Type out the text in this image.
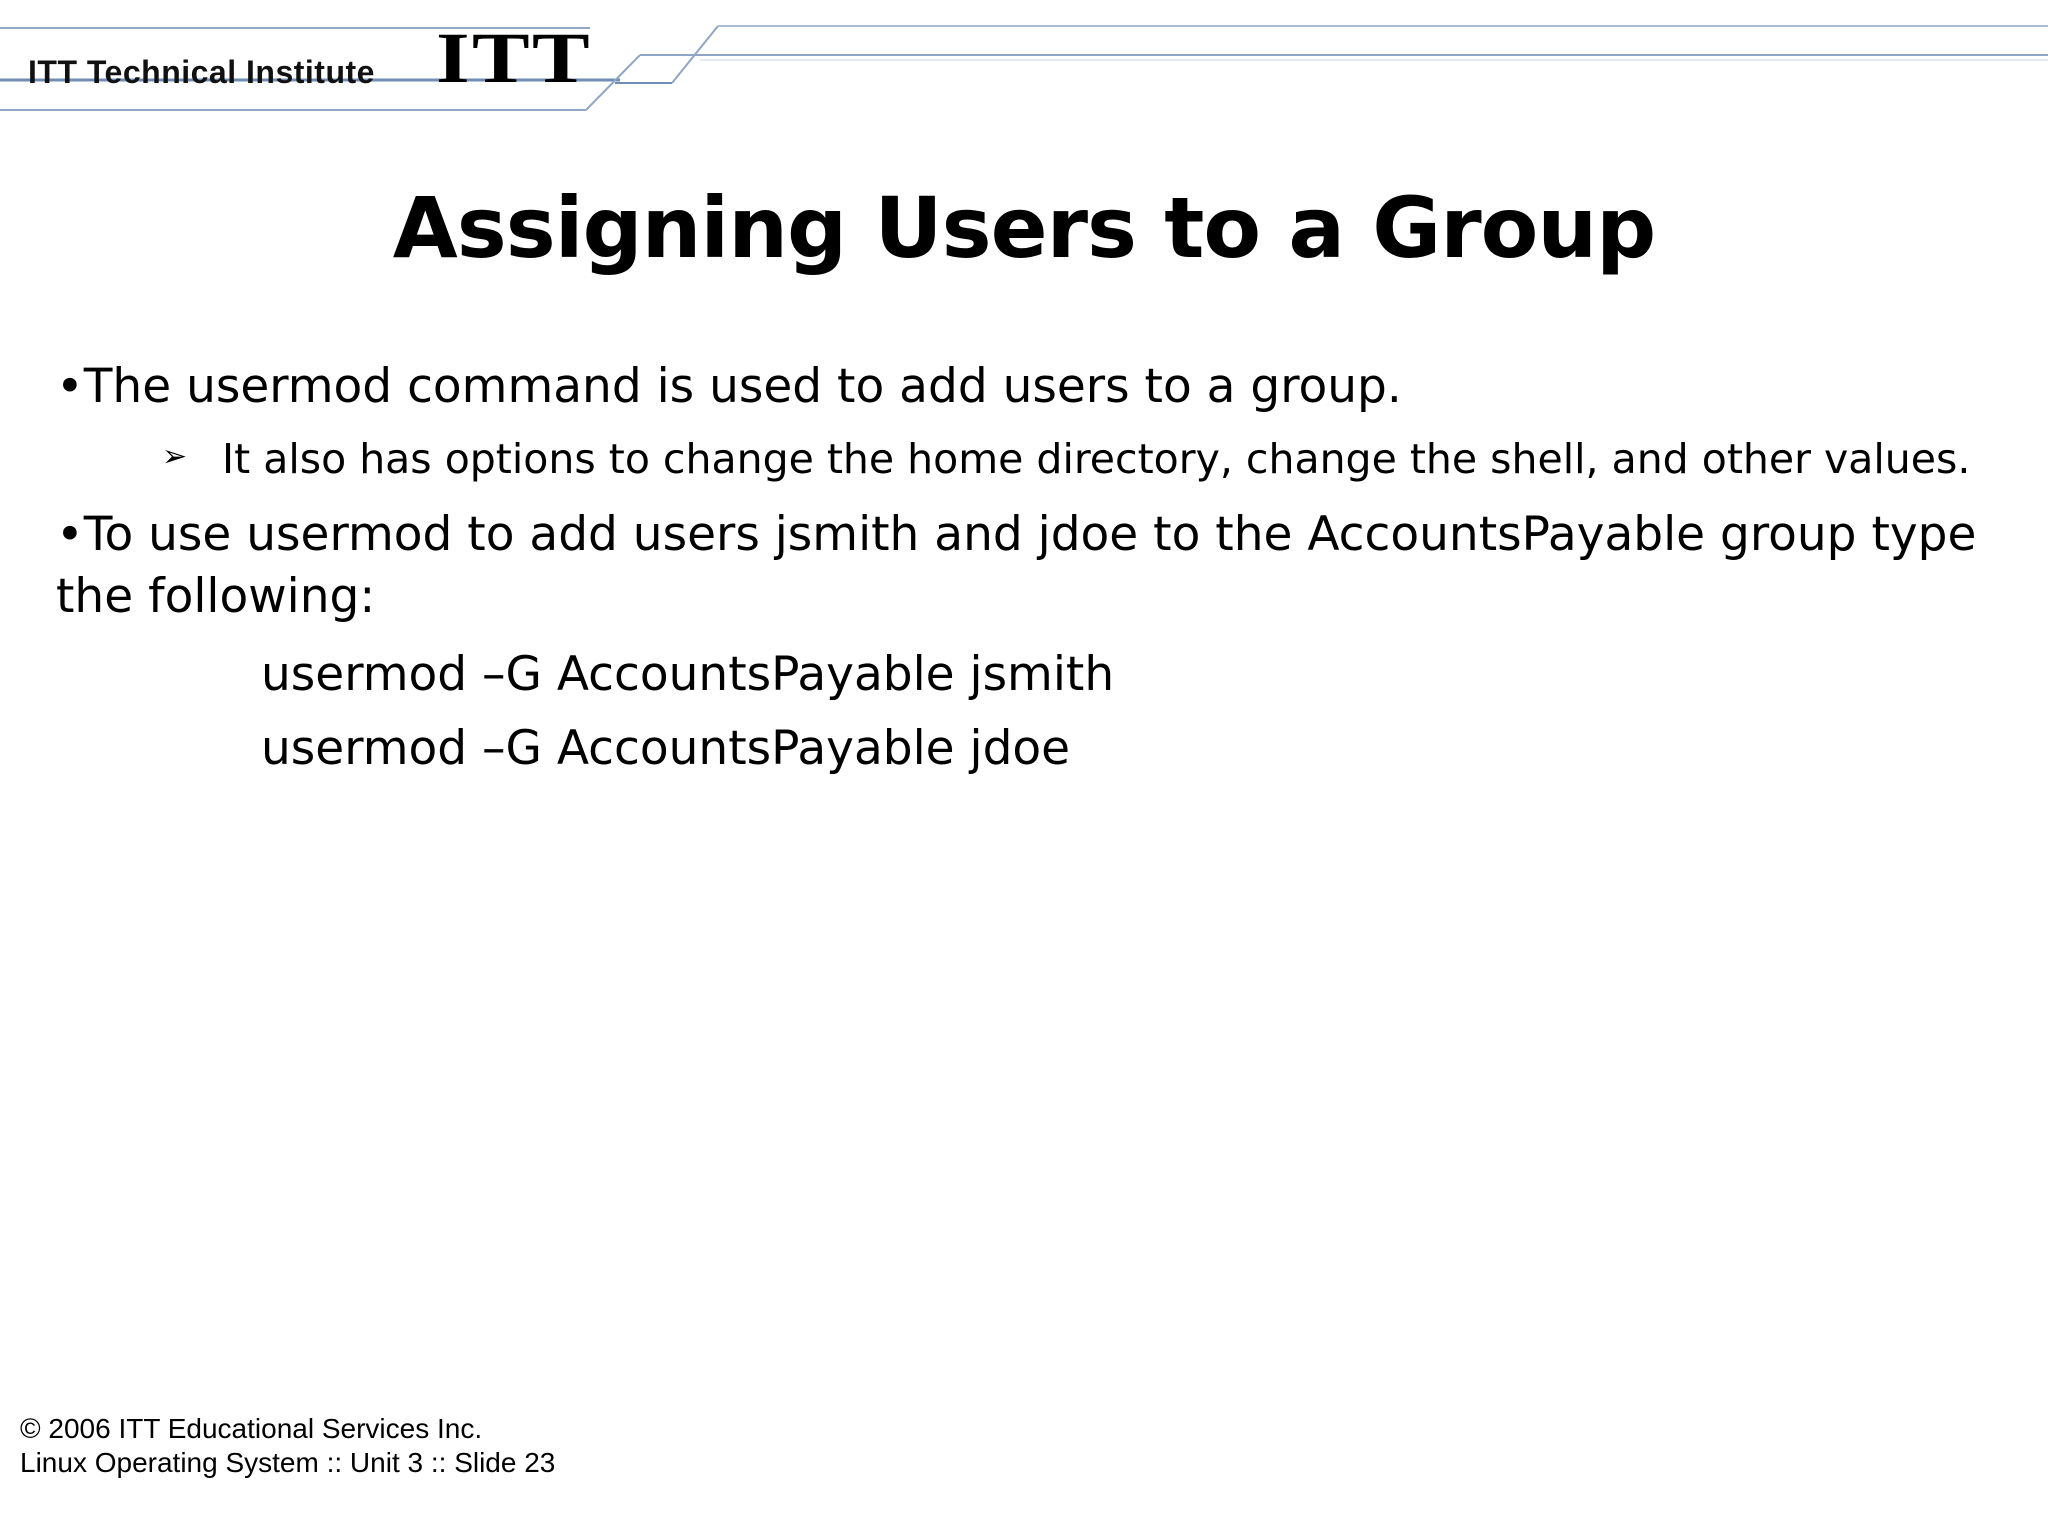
ITT Technical Institute ITT
Assigning Users to a Group

•The usermod command is used to add users to a group.

➢ It also has options to change the home directory, change the shell, and other values.

•To use usermod to add users jsmith and jdoe to the AccountsPayable group type the following:

usermod –G AccountsPayable jsmith

usermod –G AccountsPayable jdoe

© 2006 ITT Educational Services Inc.
Linux Operating System :: Unit 3 :: Slide 23
